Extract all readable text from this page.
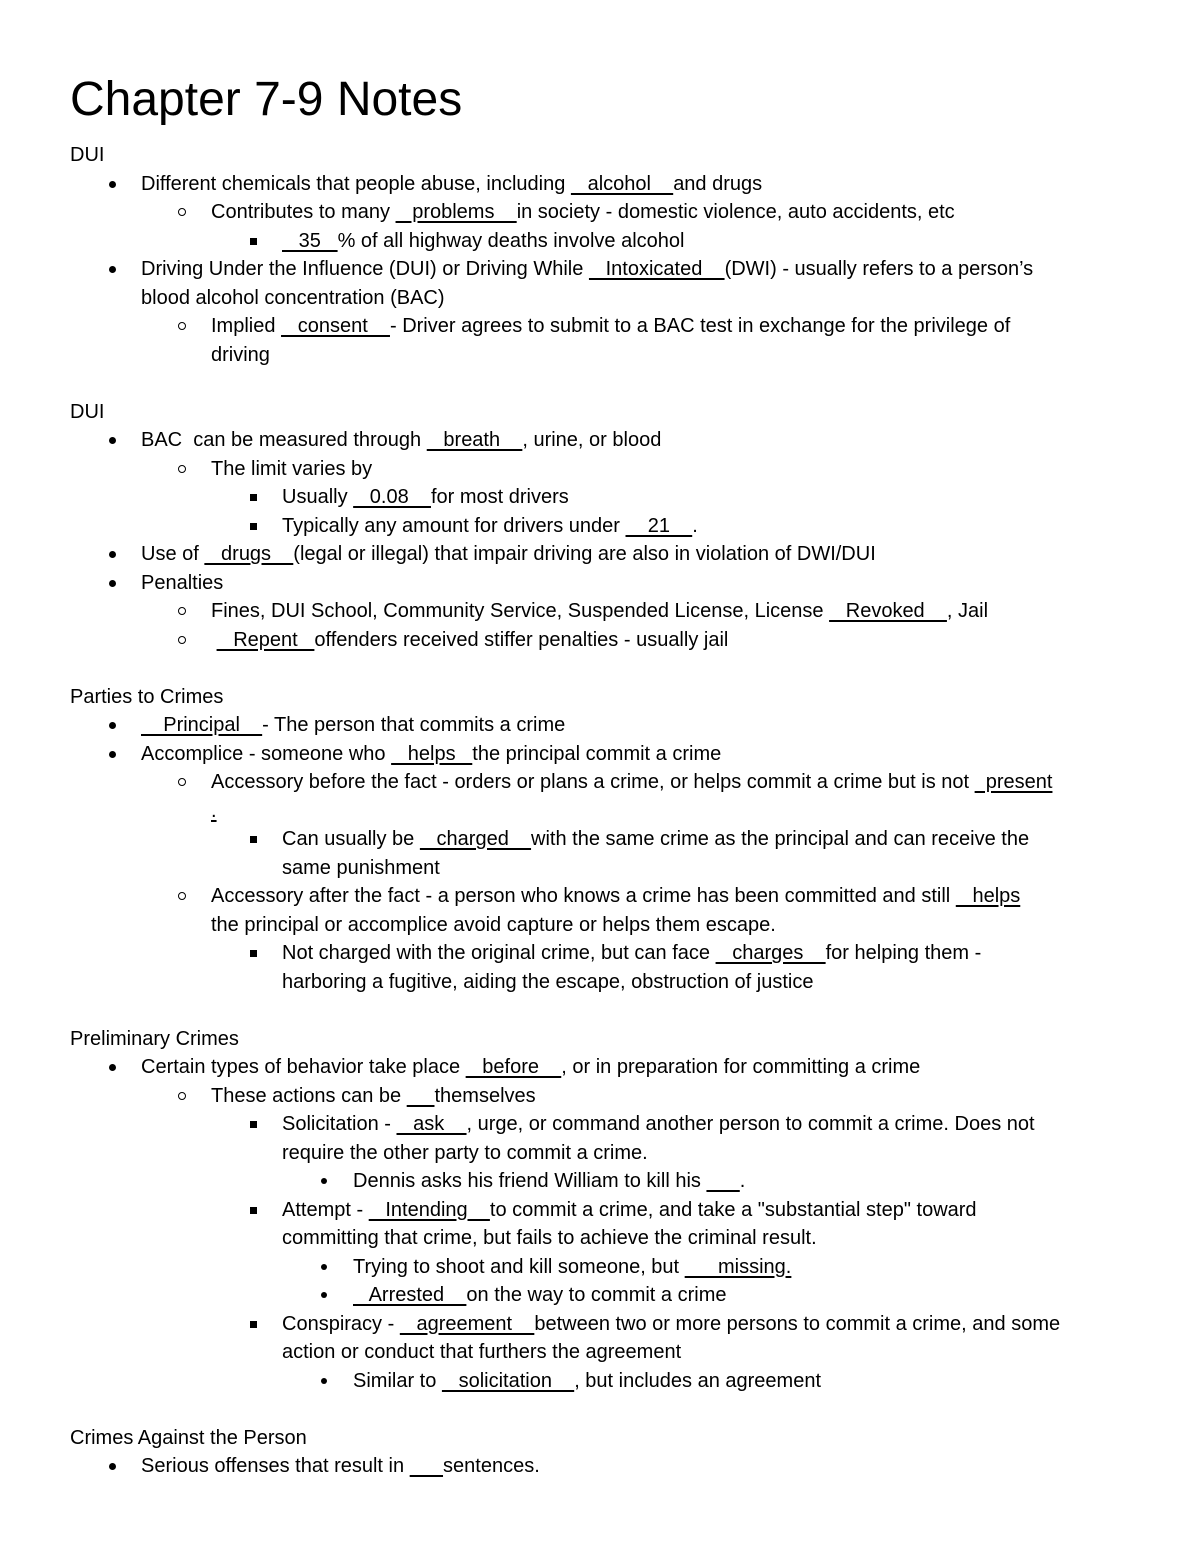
Chapter 7-9 Notes
DUI
Different chemicals that people abuse, including    alcohol    and drugs
Contributes to many    problems    in society - domestic violence, auto accidents, etc
35   % of all highway deaths involve alcohol
Driving Under the Influence (DUI) or Driving While    Intoxicated    (DWI) - usually refers to a person’s
blood alcohol concentration (BAC)
Implied    consent    - Driver agrees to submit to a BAC test in exchange for the privilege of
driving
DUI
BAC  can be measured through    breath    , urine, or blood
The limit varies by
Usually    0.08    for most drivers
Typically any amount for drivers under     21    .
Use of    drugs    (legal or illegal) that impair driving are also in violation of DWI/DUI
Penalties
Fines, DUI School, Community Service, Suspended License, License    Revoked    , Jail
Repent   offenders received stiffer penalties - usually jail
Parties to Crimes
Principal    - The person that commits a crime
Accomplice - someone who    helps   the principal commit a crime
Accessory before the fact - orders or plans a crime, or helps commit a crime but is not   present
.
Can usually be    charged    with the same crime as the principal and can receive the
same punishment
Accessory after the fact - a person who knows a crime has been committed and still    helps
the principal or accomplice avoid capture or helps them escape.
Not charged with the original crime, but can face    charges    for helping them -
harboring a fugitive, aiding the escape, obstruction of justice
Preliminary Crimes
Certain types of behavior take place    before    , or in preparation for committing a crime
These actions can be      themselves
Solicitation -    ask    , urge, or command another person to commit a crime. Does not
require the other party to commit a crime.
Dennis asks his friend William to kill his       .
Attempt -    Intending    to commit a crime, and take a "substantial step" toward
committing that crime, but fails to achieve the criminal result.
Trying to shoot and kill someone, but       missing.
Arrested    on the way to commit a crime
Conspiracy -    agreement    between two or more persons to commit a crime, and some
action or conduct that furthers the agreement
Similar to    solicitation    , but includes an agreement
Crimes Against the Person
Serious offenses that result in       sentences.
